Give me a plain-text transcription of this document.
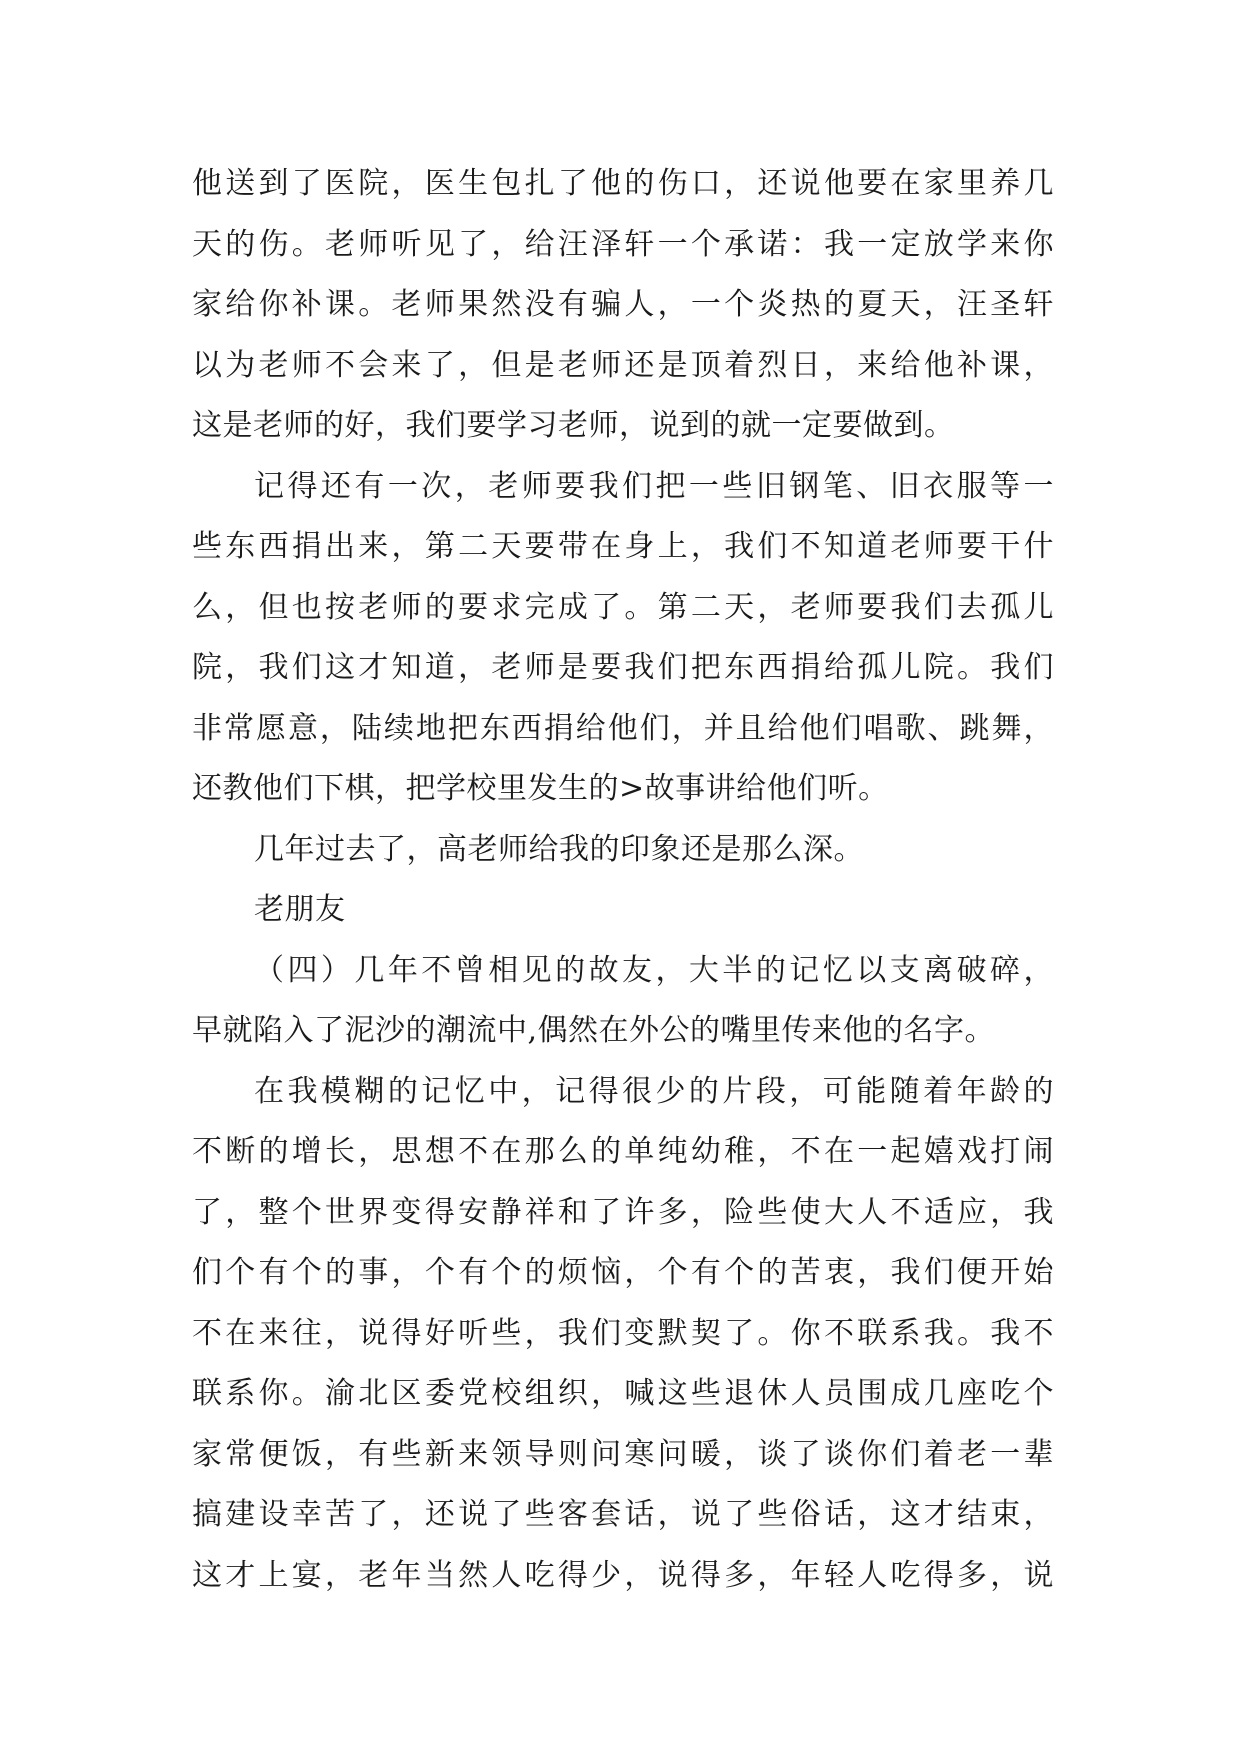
他送到了医院，医生包扎了他的伤口，还说他要在家里养几
天的伤。老师听见了，给汪泽轩一个承诺：我一定放学来你
家给你补课。老师果然没有骗人，一个炎热的夏天，汪圣轩
以为老师不会来了，但是老师还是顶着烈日，来给他补课，
这是老师的好，我们要学习老师，说到的就一定要做到。
记得还有一次，老师要我们把一些旧钢笔、旧衣服等一
些东西捐出来，第二天要带在身上，我们不知道老师要干什
么，但也按老师的要求完成了。第二天，老师要我们去孤儿
院，我们这才知道，老师是要我们把东西捐给孤儿院。我们
非常愿意，陆续地把东西捐给他们，并且给他们唱歌、跳舞，
还教他们下棋，把学校里发生的>故事讲给他们听。
几年过去了，高老师给我的印象还是那么深。
老朋友
（四）几年不曾相见的故友，大半的记忆以支离破碎，
早就陷入了泥沙的潮流中,偶然在外公的嘴里传来他的名字。
在我模糊的记忆中，记得很少的片段，可能随着年龄的
不断的增长，思想不在那么的单纯幼稚，不在一起嬉戏打闹
了，整个世界变得安静祥和了许多，险些使大人不适应，我
们个有个的事，个有个的烦恼，个有个的苦衷，我们便开始
不在来往，说得好听些，我们变默契了。你不联系我。我不
联系你。渝北区委党校组织，喊这些退休人员围成几座吃个
家常便饭，有些新来领导则问寒问暖，谈了谈你们着老一辈
搞建设幸苦了，还说了些客套话，说了些俗话，这才结束，
这才上宴，老年当然人吃得少，说得多，年轻人吃得多，说
